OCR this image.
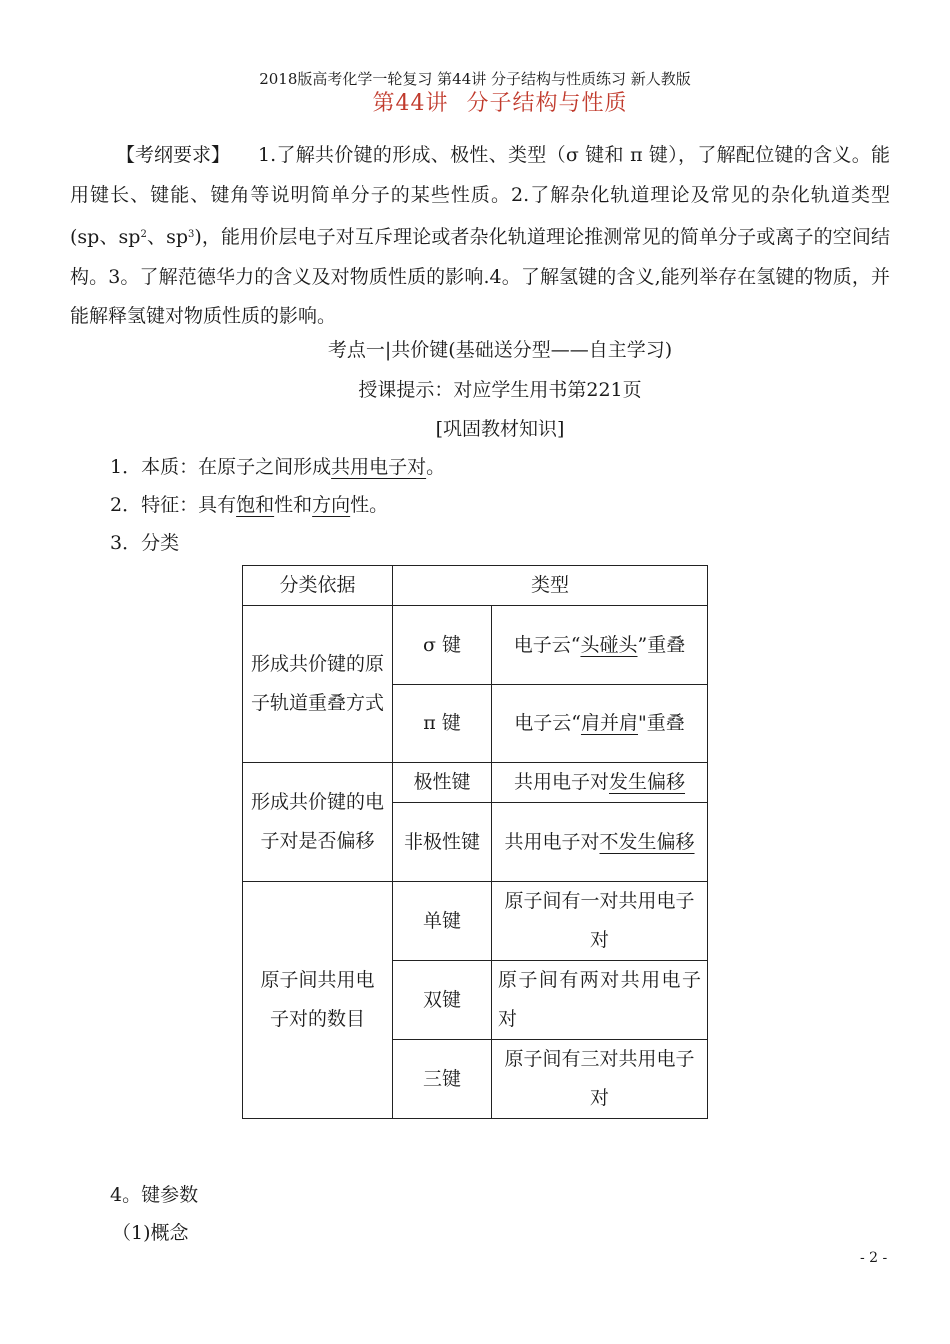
2018版高考化学一轮复习 第44讲 分子结构与性质练习 新人教版
第44讲 分子结构与性质
【考纲要求】 1.了解共价键的形成、极性、类型（σ 键和 π 键），了解配位键的含义。能用键长、键能、键角等说明简单分子的某些性质。2.了解杂化轨道理论及常见的杂化轨道类型(sp、$sp^2$、$sp^3$)，能用价层电子对互斥理论或者杂化轨道理论推测常见的简单分子或离子的空间结构。3。了解范德华力的含义及对物质性质的影响.4。了解氢键的含义,能列举存在氢键的物质，并能解释氢键对物质性质的影响。
考点一|共价键(基础送分型——自主学习)
授课提示：对应学生用书第221页
[巩固教材知识]
1．本质：在原子之间形成共用电子对。
2．特征：具有饱和性和方向性。
3．分类
分类依据	类型	
形成共价键的原
子轨道重叠方式	σ 键	电子云“头碰头”重叠
	π 键	电子云“肩并肩"重叠
形成共价键的电
子对是否偏移	极性键	共用电子对发生偏移
	非极性键	共用电子对不发生偏移
原子间共用电
子对的数目	单键	原子间有一对共用电子对
	双键	原子间有两对共用电子对
	三键	原子间有三对共用电子对
4。键参数
（1)概念
- 2 -
